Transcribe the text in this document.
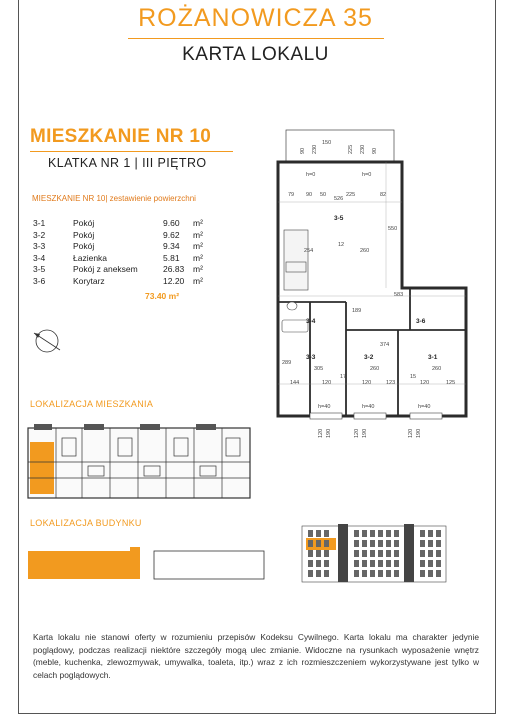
ROŻANOWICZA 35
KARTA LOKALU
MIESZKANIE NR 10
KLATKA NR 1 | III PIĘTRO
MIESZKANIE NR 10| zestawienie powierzchni
3-1	Pokój	9.60 m²
3-2	Pokój	9.62 m²
3-3	Pokój	9.34 m²
3-4	Łazienka	5.81 m²
3-5	Pokój z aneksem	26.83 m²
3-6	Korytarz	12.20 m²
73.40 m²
3-5
3-4	3-6
3-3	3-2	3-1
150
90 230	225 230 90
h=0	h=0
526
79 90 50	225	82
550
254
12
260
583
189
374
289
305	260	260
144	120
17
120	123
15
120	125
h=40	h=40	h=40
120 190	120 190	120 190
LOKALIZACJA MIESZKANIA
LOKALIZACJA BUDYNKU
Karta lokalu nie stanowi oferty w rozumieniu przepisów Kodeksu Cywilnego. Karta lokalu ma charakter jedynie poglądowy, podczas realizacji niektóre szczegóły mogą ulec zmianie. Widoczne na rysunkach wyposażenie wnętrz (meble, kuchenka, zlewozmywak, umywalka, toaleta, itp.) wraz z ich rozmieszczeniem wykorzystywane jest tylko w celach poglądowych.
